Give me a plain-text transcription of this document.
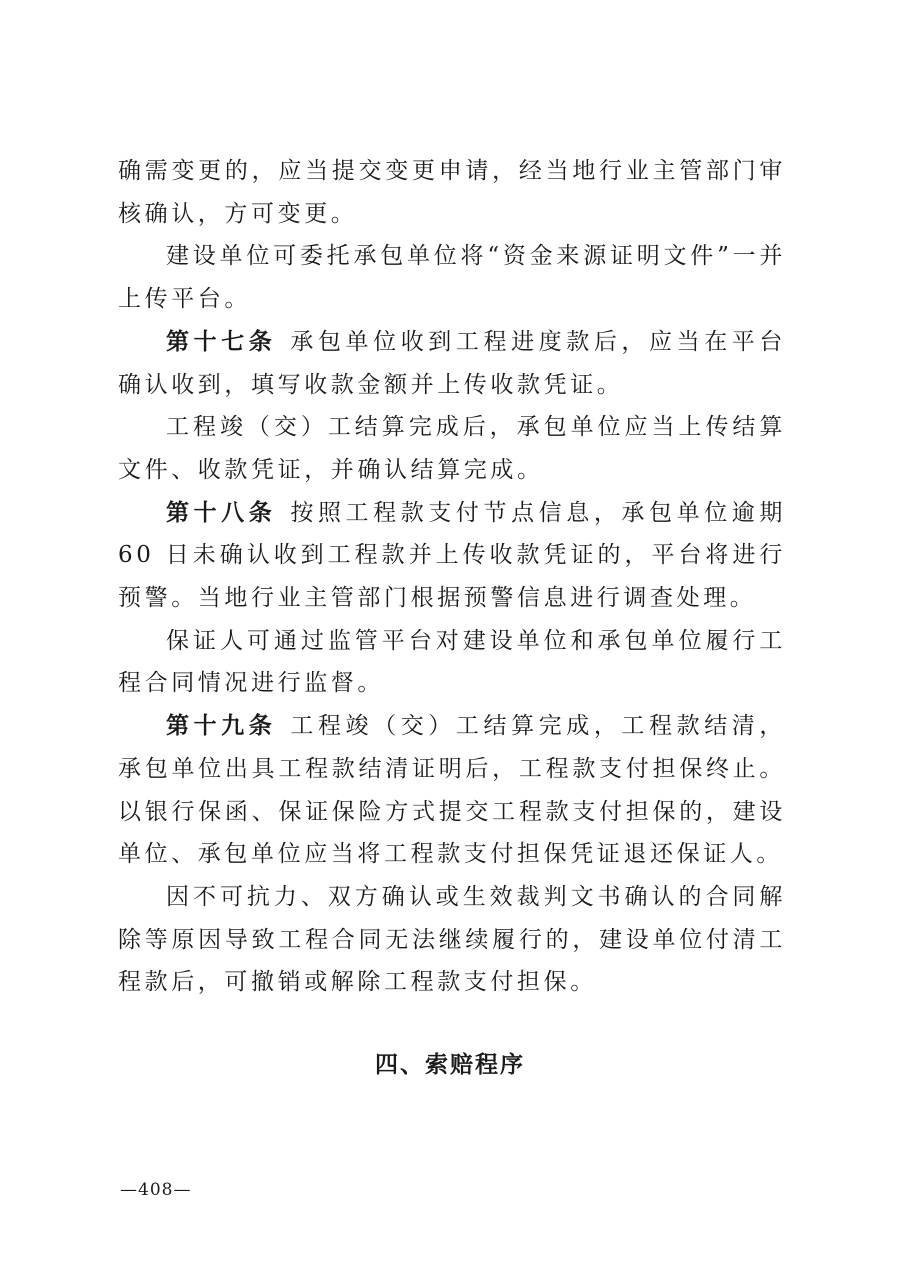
确需变更的，应当提交变更申请，经当地行业主管部门审核确认，方可变更。

建设单位可委托承包单位将“资金来源证明文件”一并上传平台。

第十七条 承包单位收到工程进度款后，应当在平台确认收到，填写收款金额并上传收款凭证。

工程竣（交）工结算完成后，承包单位应当上传结算文件、收款凭证，并确认结算完成。

第十八条 按照工程款支付节点信息，承包单位逾期 60 日未确认收到工程款并上传收款凭证的，平台将进行预警。当地行业主管部门根据预警信息进行调查处理。

保证人可通过监管平台对建设单位和承包单位履行工程合同情况进行监督。

第十九条 工程竣（交）工结算完成，工程款结清，承包单位出具工程款结清证明后，工程款支付担保终止。以银行保函、保证保险方式提交工程款支付担保的，建设单位、承包单位应当将工程款支付担保凭证退还保证人。

因不可抗力、双方确认或生效裁判文书确认的合同解除等原因导致工程合同无法继续履行的，建设单位付清工程款后，可撤销或解除工程款支付担保。

四、索赔程序
—408—
